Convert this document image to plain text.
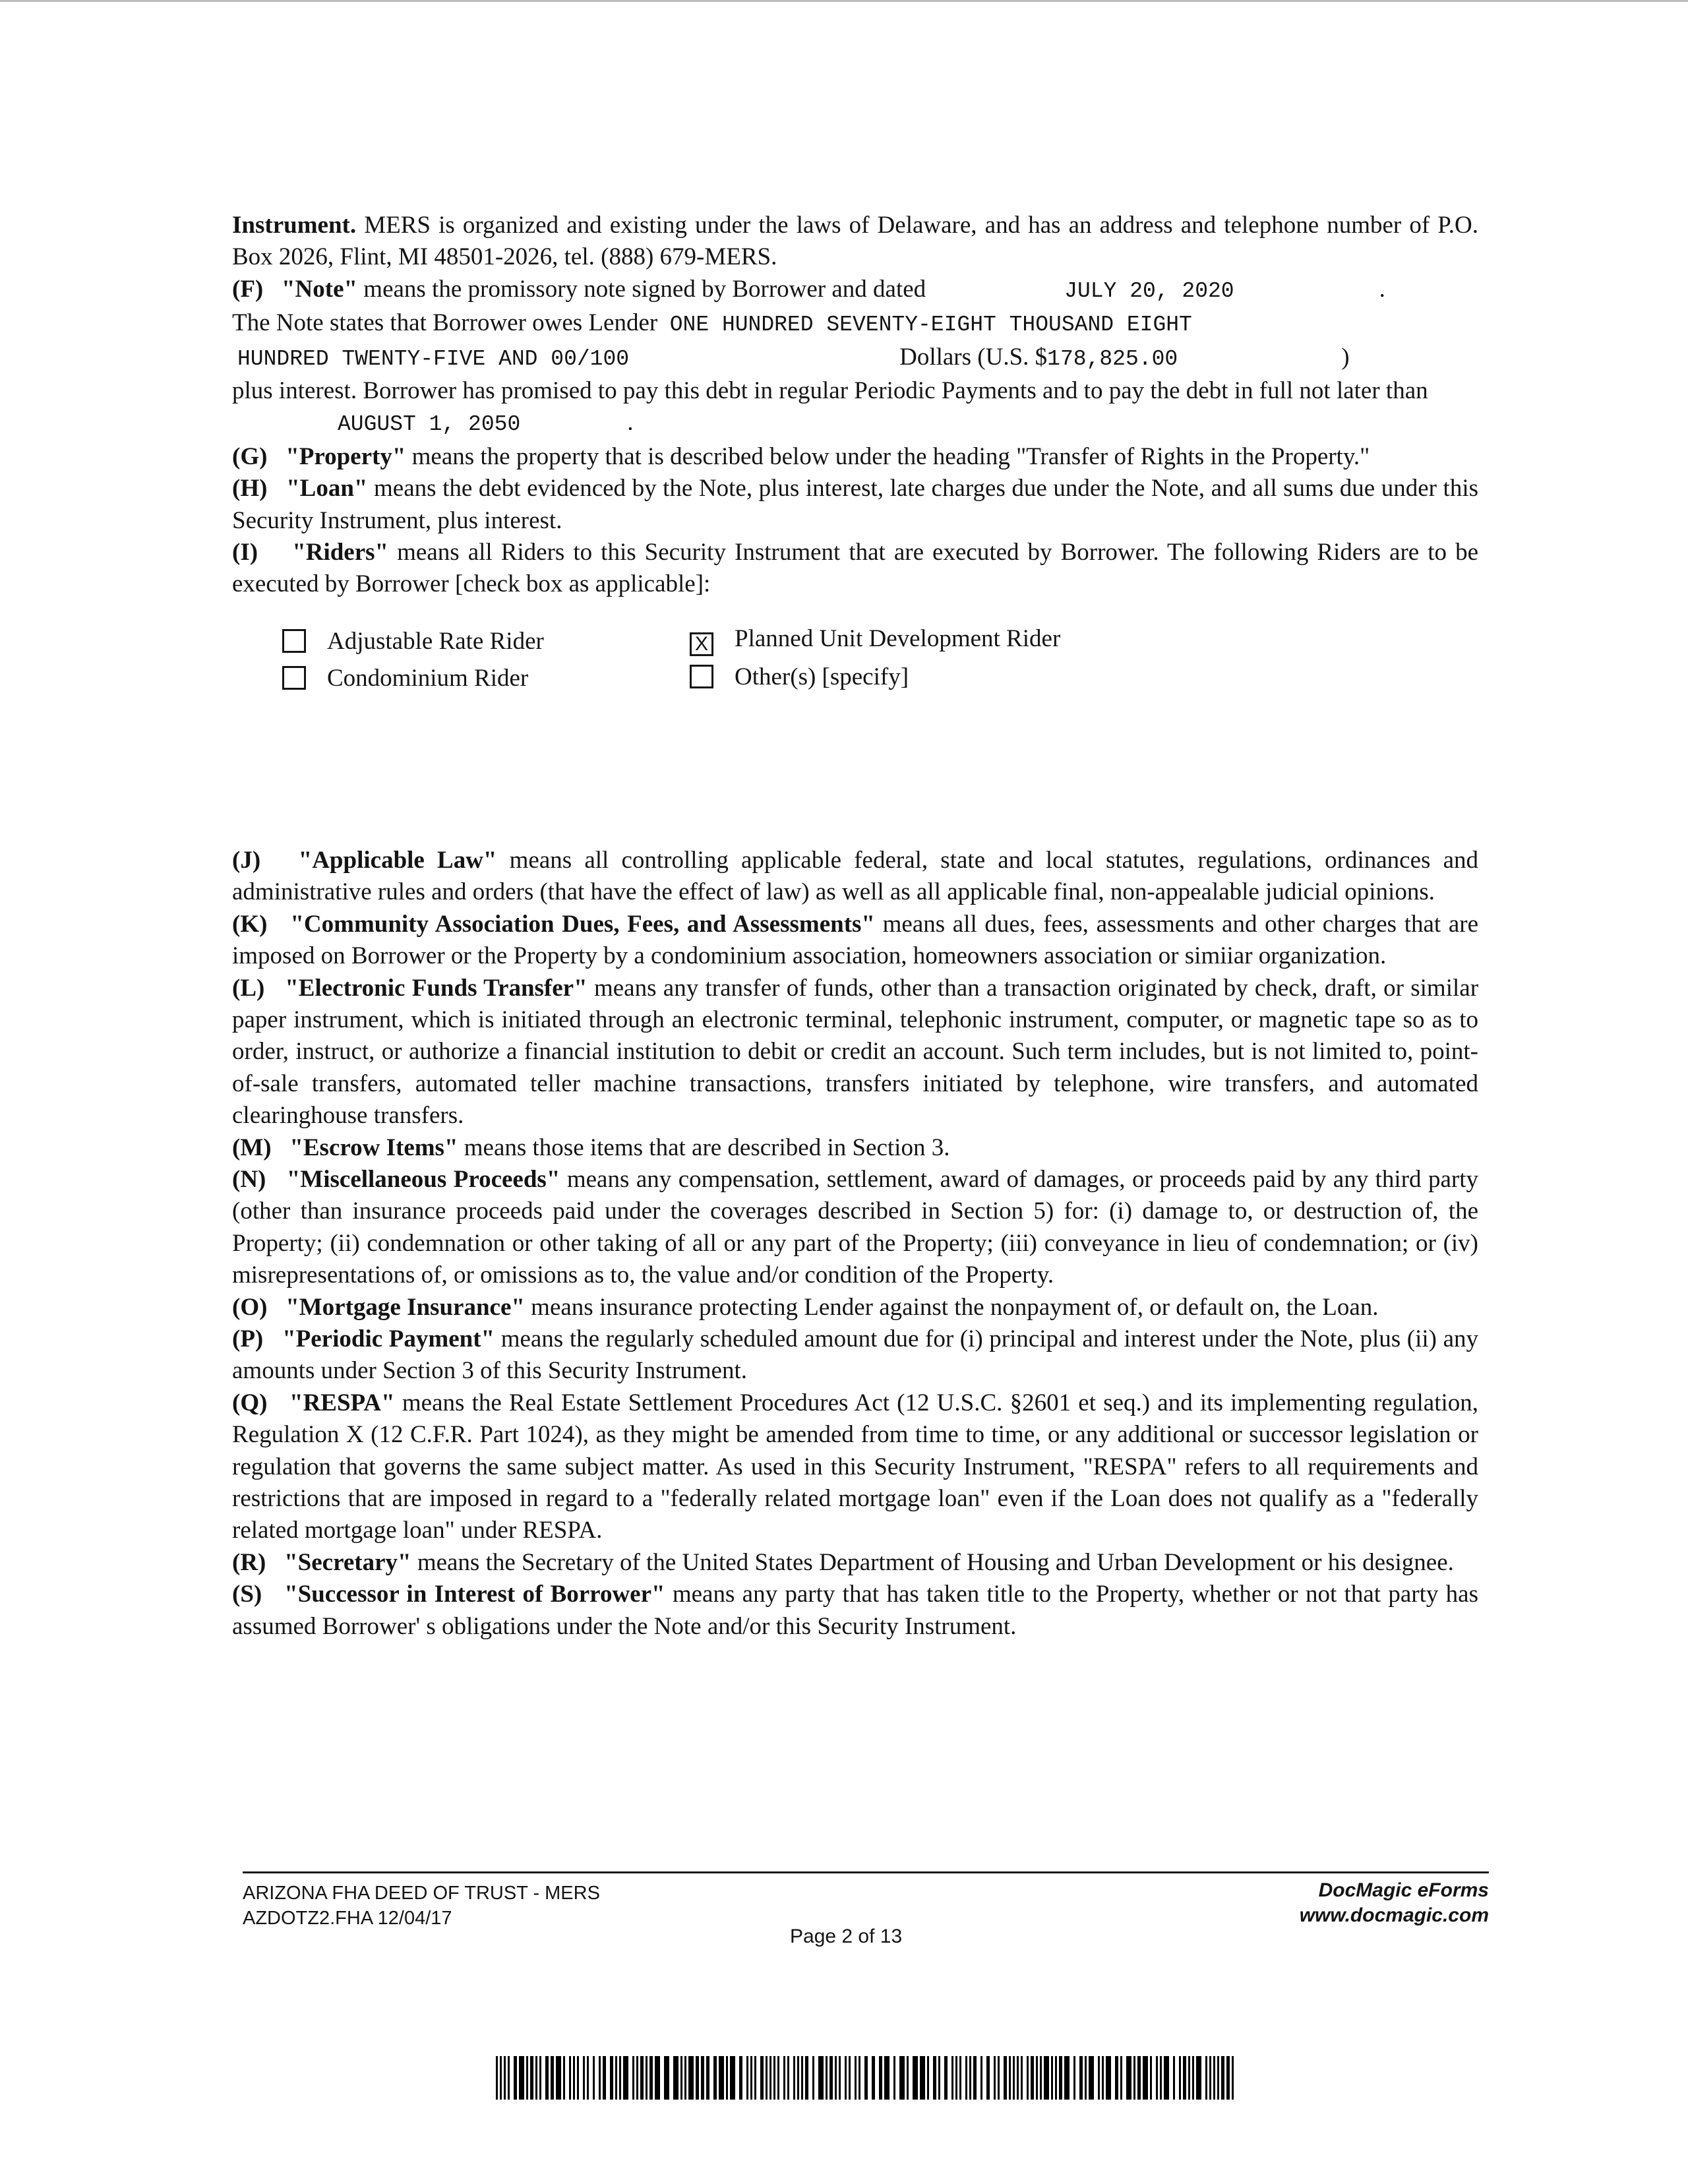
Instrument. MERS is organized and existing under the laws of Delaware, and has an address and telephone number of P.O. Box 2026, Flint, MI 48501-2026, tel. (888) 679-MERS.

(F) "Note" means the promissory note signed by Borrower and dated	JULY 20, 2020	.
The Note states that Borrower owes Lender ONE HUNDRED SEVENTY-EIGHT THOUSAND EIGHT
HUNDRED TWENTY-FIVE AND 00/100	Dollars (U.S. $178,825.00	)

plus interest. Borrower has promised to pay this debt in regular Periodic Payments and to pay the debt in full not later thanAUGUST 1, 2050	.

(G) "Property" means the property that is described below under the heading "Transfer of Rights in the Property."

(H) "Loan" means the debt evidenced by the Note, plus interest, late charges due under the Note, and all sums due under this Security Instrument, plus interest.

(I) "Riders" means all Riders to this Security Instrument that are executed by Borrower. The following Riders are to be executed by Borrower [check box as applicable]:

Adjustable Rate Rider	X Planned Unit Development Rider
Condominium Rider	Other(s) [specify]

(J) "Applicable Law" means all controlling applicable federal, state and local statutes, regulations, ordinances and administrative rules and orders (that have the effect of law) as well as all applicable final, non-appealable judicial opinions.

(K) "Community Association Dues, Fees, and Assessments" means all dues, fees, assessments and other charges that are imposed on Borrower or the Property by a condominium association, homeowners association or simiiar organization.

(L) "Electronic Funds Transfer" means any transfer of funds, other than a transaction originated by check, draft, or similar paper instrument, which is initiated through an electronic terminal, telephonic instrument, computer, or magnetic tape so as to order, instruct, or authorize a financial institution to debit or credit an account. Such term includes, but is not limited to, point-of-sale transfers, automated teller machine transactions, transfers initiated by telephone, wire transfers, and automated clearinghouse transfers.

(M) "Escrow Items" means those items that are described in Section 3.

(N) "Miscellaneous Proceeds" means any compensation, settlement, award of damages, or proceeds paid by any third party (other than insurance proceeds paid under the coverages described in Section 5) for: (i) damage to, or destruction of, the Property; (ii) condemnation or other taking of all or any part of the Property; (iii) conveyance in lieu of condemnation; or (iv) misrepresentations of, or omissions as to, the value and/or condition of the Property.

(O) "Mortgage Insurance" means insurance protecting Lender against the nonpayment of, or default on, the Loan.

(P) "Periodic Payment" means the regularly scheduled amount due for (i) principal and interest under the Note, plus (ii) any amounts under Section 3 of this Security Instrument.

(Q) "RESPA" means the Real Estate Settlement Procedures Act (12 U.S.C. §2601 et seq.) and its implementing regulation, Regulation X (12 C.F.R. Part 1024), as they might be amended from time to time, or any additional or successor legislation or regulation that governs the same subject matter. As used in this Security Instrument, "RESPA" refers to all requirements and restrictions that are imposed in regard to a "federally related mortgage loan" even if the Loan does not qualify as a "federally related mortgage loan" under RESPA.

(R) "Secretary" means the Secretary of the United States Department of Housing and Urban Development or his designee.

(S) "Successor in Interest of Borrower" means any party that has taken title to the Property, whether or not that party has assumed Borrower' s obligations under the Note and/or this Security Instrument.

ARIZONA FHA DEED OF TRUST - MERS
AZDOTZ2.FHA 12/04/17
Page 2 of 13
DocMagic eForms
www.docmagic.com
